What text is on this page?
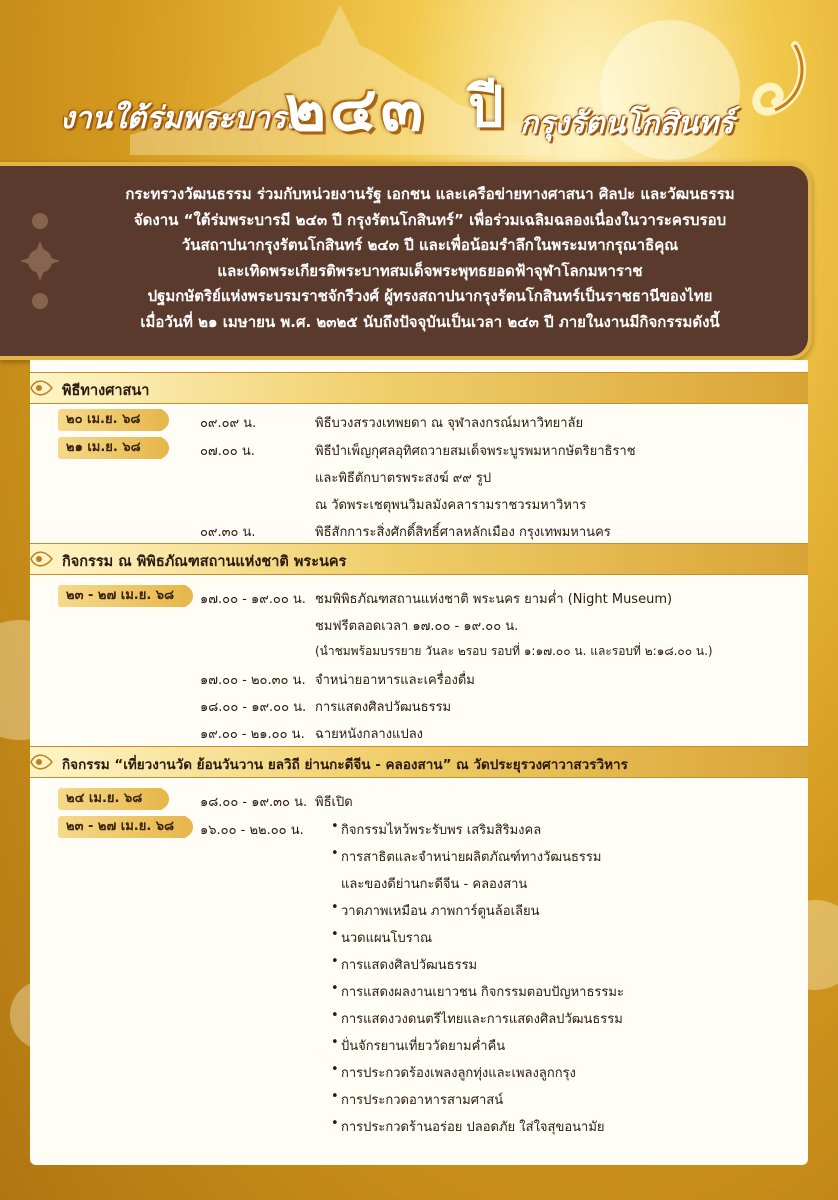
งานใต้ร่มพระบารมี
๒๔๓ ปี กรุงรัตนโกสินทร์
กระทรวงวัฒนธรรม ร่วมกับหน่วยงานรัฐ เอกชน และเครือข่ายทางศาสนา ศิลปะ และวัฒนธรรม
จัดงาน “ใต้ร่มพระบารมี ๒๔๓ ปี กรุงรัตนโกสินทร์” เพื่อร่วมเฉลิมฉลองเนื่องในวาระครบรอบ
วันสถาปนากรุงรัตนโกสินทร์ ๒๔๓ ปี และเพื่อน้อมรำลึกในพระมหากรุณาธิคุณ
และเทิดพระเกียรติพระบาทสมเด็จพระพุทธยอดฟ้าจุฬาโลกมหาราช
ปฐมกษัตริย์แห่งพระบรมราชจักรีวงศ์ ผู้ทรงสถาปนากรุงรัตนโกสินทร์เป็นราชธานีของไทย
เมื่อวันที่ ๒๑ เมษายน พ.ศ. ๒๓๒๕ นับถึงปัจจุบันเป็นเวลา ๒๔๓ ปี ภายในงานมีกิจกรรมดังนี้
พิธีทางศาสนา
๒๐ เม.ย. ๖๘	๐๙.๐๙ น.	พิธีบวงสรวงเทพยดา ณ จุฬาลงกรณ์มหาวิทยาลัย
๒๑ เม.ย. ๖๘	๐๗.๐๐ น.	พิธีบำเพ็ญกุศลอุทิศถวายสมเด็จพระบูรพมหากษัตริยาธิราช
และพิธีตักบาตรพระสงฆ์ ๙๙ รูป
ณ วัดพระเชตุพนวิมลมังคลารามราชวรมหาวิหาร
๐๙.๓๐ น.	พิธีสักการะสิ่งศักดิ์สิทธิ์ศาลหลักเมือง กรุงเทพมหานคร
กิจกรรม ณ พิพิธภัณฑสถานแห่งชาติ พระนคร
๒๓ - ๒๗ เม.ย. ๖๘	๑๗.๐๐ - ๑๙.๐๐ น. ชมพิพิธภัณฑสถานแห่งชาติ พระนคร ยามค่ำ (Night Museum)
ชมฟรีตลอดเวลา ๑๗.๐๐ - ๑๙.๐๐ น.
(นำชมพร้อมบรรยาย วันละ ๒รอบ รอบที่ ๑:๑๗.๐๐ น. และรอบที่ ๒:๑๘.๐๐ น.)
๑๗.๐๐ - ๒๐.๓๐ น. จำหน่ายอาหารและเครื่องดื่ม
๑๘.๐๐ - ๑๙.๐๐ น. การแสดงศิลปวัฒนธรรม
๑๙.๐๐ - ๒๑.๐๐ น. ฉายหนังกลางแปลง
กิจกรรม “เที่ยวงานวัด ย้อนวันวาน ยลวิถี ย่านกะดีจีน - คลองสาน” ณ วัดประยุรวงศาวาสวรวิหาร
๒๔ เม.ย. ๖๘	๑๘.๐๐ - ๑๙.๓๐ น. พิธีเปิด
๒๓ - ๒๗ เม.ย. ๖๘	๑๖.๐๐ - ๒๒.๐๐ น. • กิจกรรมไหว้พระรับพร เสริมสิริมงคล
• การสาธิตและจำหน่ายผลิตภัณฑ์ทางวัฒนธรรม
และของดีย่านกะดีจีน - คลองสาน
• วาดภาพเหมือน ภาพการ์ตูนล้อเลียน
• นวดแผนโบราณ
• การแสดงศิลปวัฒนธรรม
• การแสดงผลงานเยาวชน กิจกรรมตอบปัญหาธรรมะ
• การแสดงวงดนตรีไทยและการแสดงศิลปวัฒนธรรม
• ปั่นจักรยานเที่ยววัดยามค่ำคืน
• การประกวดร้องเพลงลูกทุ่งและเพลงลูกกรุง
• การประกวดอาหารสามศาสน์
• การประกวดร้านอร่อย ปลอดภัย ใส่ใจสุขอนามัย
